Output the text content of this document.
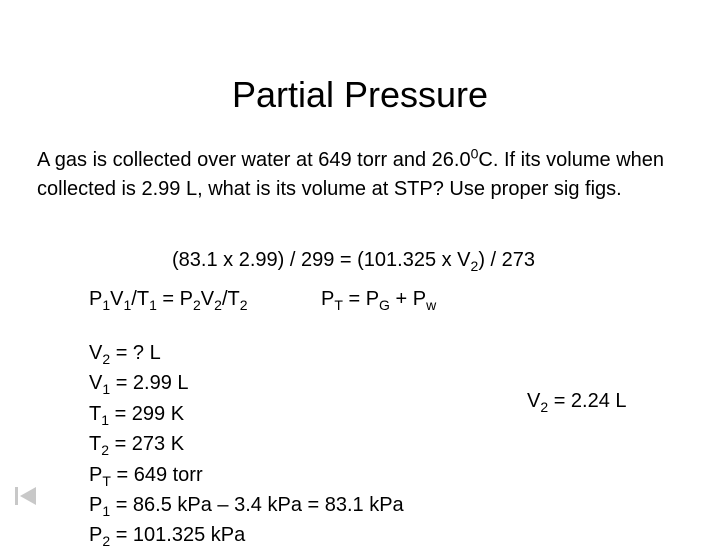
Partial Pressure
A gas is collected over water at 649 torr and 26.0$^0$C. If its volume when collected is 2.99 L, what is its volume at STP? Use proper sig figs.
(83.1 x 2.99) / 299 = (101.325 x $V_2) / 273$
$P_1V_1/T_1 = P_2V_2/T_2$	$P_T = P_G + P_w$
$V_2$ = ? L
$V_1 = 2.99$ L
$T_1 = 299$ K
$T_2 = 273$ K
$P_T = 649$ torr
$P_1 = 86.5$ kPa – 3.4 kPa = 83.1 kPa
$P_2 = 101.325$ kPa
$V_2 = 2.24$ L
